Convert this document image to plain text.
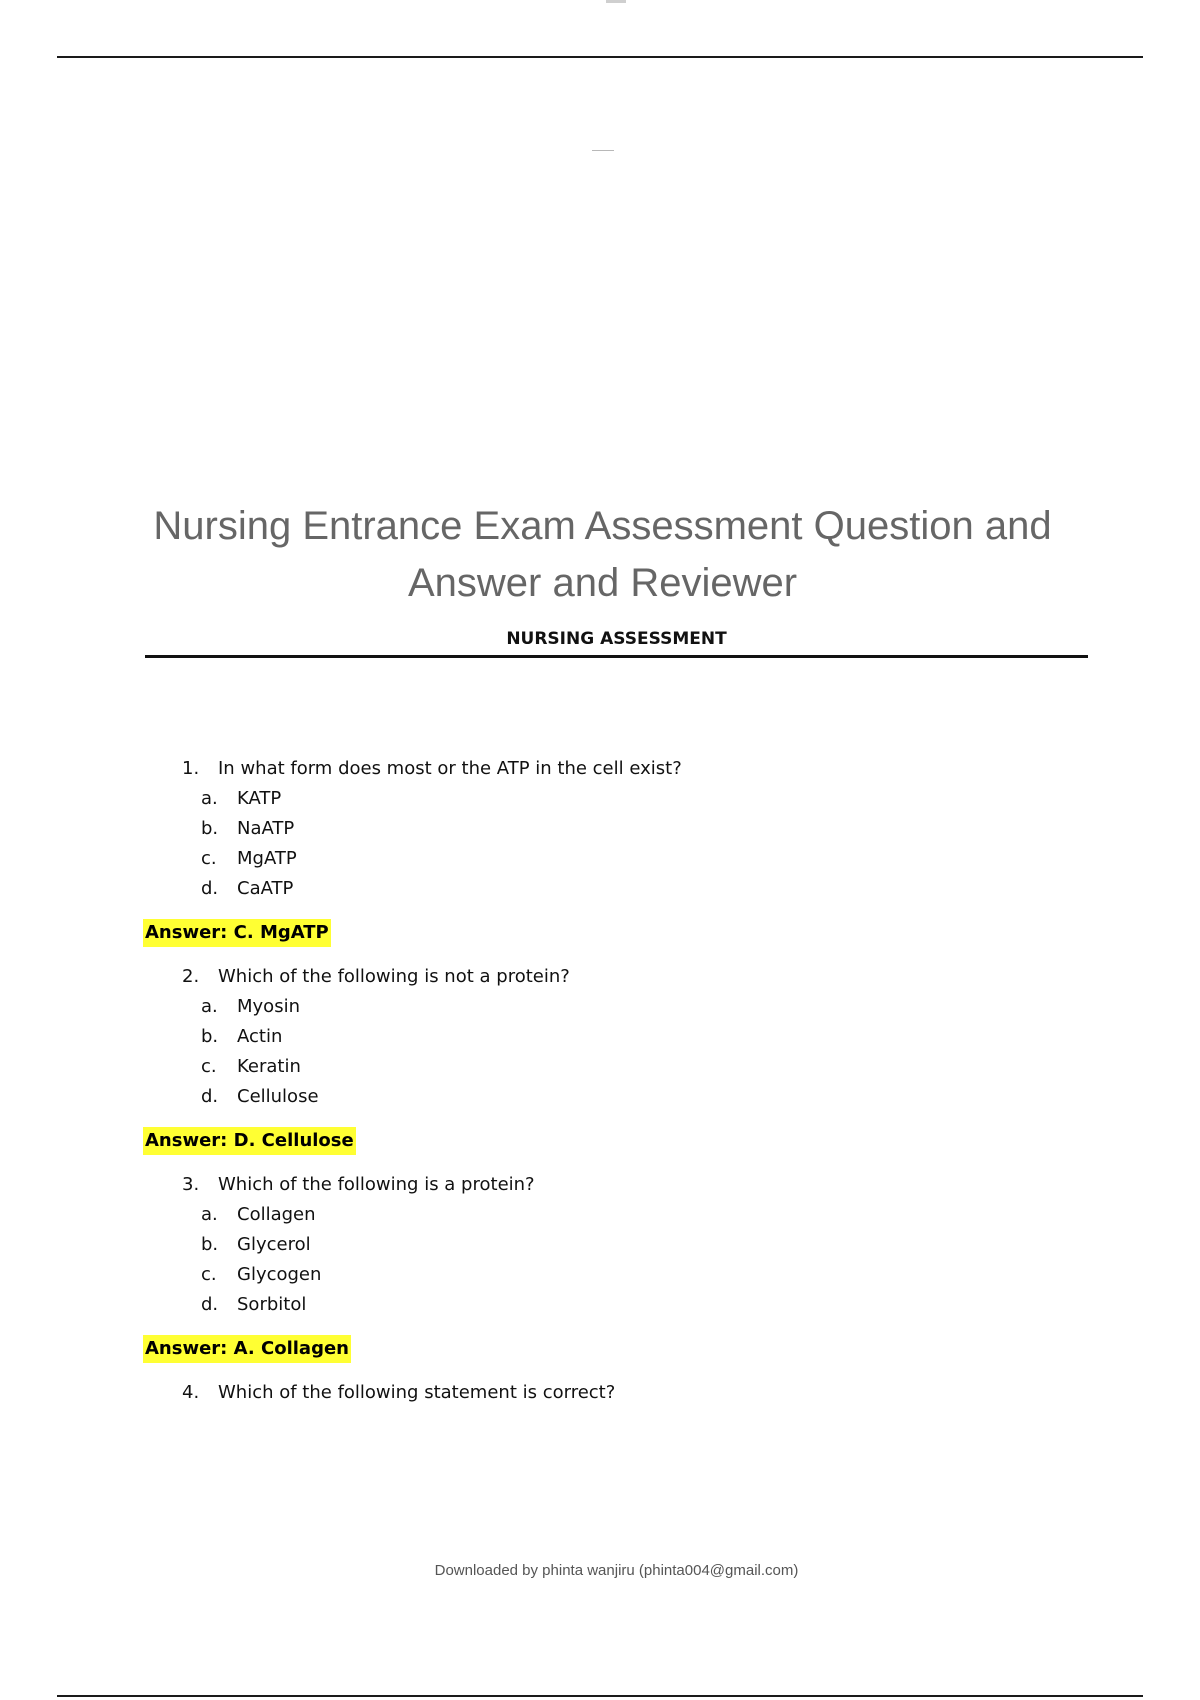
Nursing Entrance Exam Assessment Question and
Answer and Reviewer
NURSING ASSESSMENT
1. In what form does most or the ATP in the cell exist?
a. KATP
b. NaATP
c. MgATP
d. CaATP
Answer: C. MgATP
2. Which of the following is not a protein?
a. Myosin
b. Actin
c. Keratin
d. Cellulose
Answer: D. Cellulose
3. Which of the following is a protein?
a. Collagen
b. Glycerol
c. Glycogen
d. Sorbitol
Answer: A. Collagen
4. Which of the following statement is correct?
Downloaded by phinta wanjiru (phinta004@gmail.com)
